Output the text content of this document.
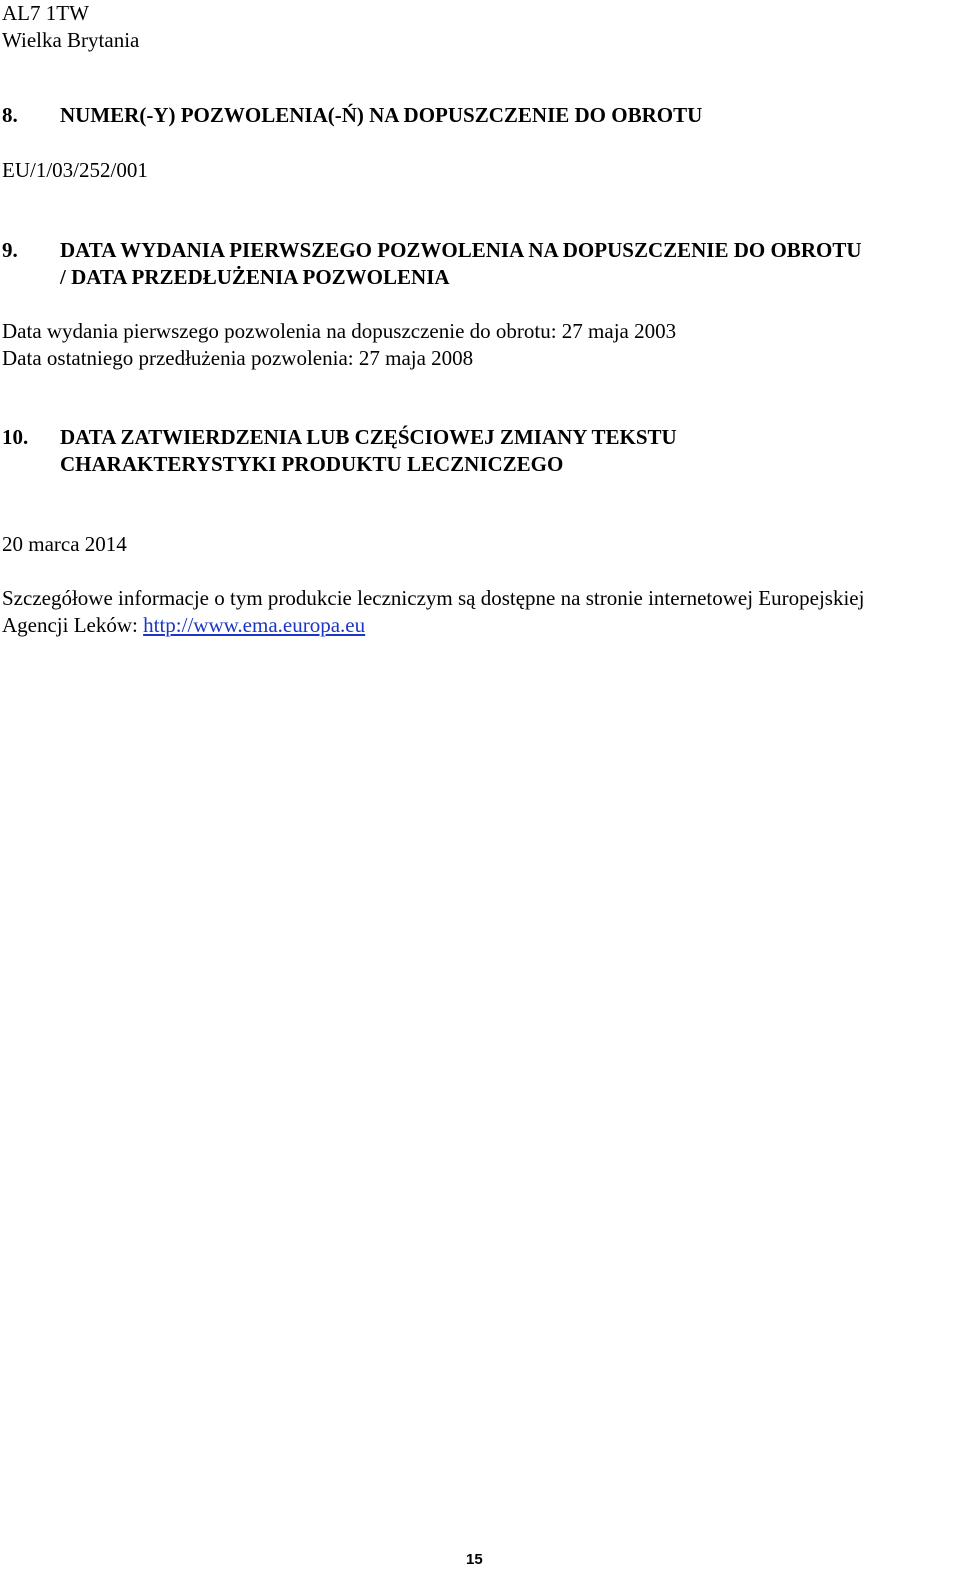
AL7 1TW
Wielka Brytania
8.	NUMER(-Y) POZWOLENIA(-Ń) NA DOPUSZCZENIE DO OBROTU
EU/1/03/252/001
9.	DATA WYDANIA PIERWSZEGO POZWOLENIA NA DOPUSZCZENIE DO OBROTU
/ DATA PRZEDŁUŻENIA POZWOLENIA
Data wydania pierwszego pozwolenia na dopuszczenie do obrotu: 27 maja 2003
Data ostatniego przedłużenia pozwolenia: 27 maja 2008
10.	DATA ZATWIERDZENIA LUB CZĘŚCIOWEJ ZMIANY TEKSTU
CHARAKTERYSTYKI PRODUKTU LECZNICZEGO
20 marca 2014
Szczegółowe informacje o tym produkcie leczniczym są dostępne na stronie internetowej Europejskiej
Agencji Leków: http://www.ema.europa.eu
15
